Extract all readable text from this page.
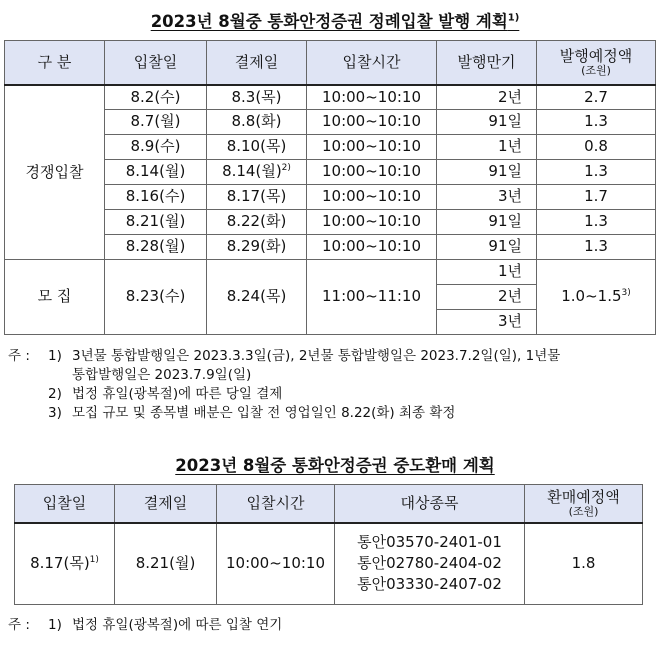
2023년 8월중 통화안정증권 정례입찰 발행 계획$^{1)}$
구 분	입찰일	결제일	입찰시간	발행만기	발행예정액
(조원)

경쟁입찰	8.2(수)	8.3(목)	10:00~10:10	2년	2.7
	8.7(월)	8.8(화)	10:00~10:10	91일	1.3
	8.9(수)	8.10(목)	10:00~10:10	1년	0.8
	8.14(월)	8.14(월)$^{2)}$	10:00~10:10	91일	1.3
	8.16(수)	8.17(목)	10:00~10:10	3년	1.7
	8.21(월)	8.22(화)	10:00~10:10	91일	1.3
	8.28(월)	8.29(화)	10:00~10:10	91일	1.3
모 집	8.23(수)	8.24(목)	11:00~11:10	1년	1.0~1.5$^{3)}$
				2년	
				3년	
주 :	1) 3년물 통합발행일은 2023.3.3일(금), 2년물 통합발행일은 2023.7.2일(일), 1년물
통합발행일은 2023.7.9일(일)
2) 법정 휴일(광복절)에 따른 당일 결제
3) 모집 규모 및 종목별 배분은 입찰 전 영업일인 8.22(화) 최종 확정
2023년 8월중 통화안정증권 중도환매 계획
입찰일	결제일	입찰시간	대상종목	환매예정액
(조원)

8.17(목)$^{1)}$	8.21(월)	10:00~10:10	통안03570-2401-01
통안02780-2404-02
통안03330-2407-02	1.8
주 :	1) 법정 휴일(광복절)에 따른 입찰 연기
